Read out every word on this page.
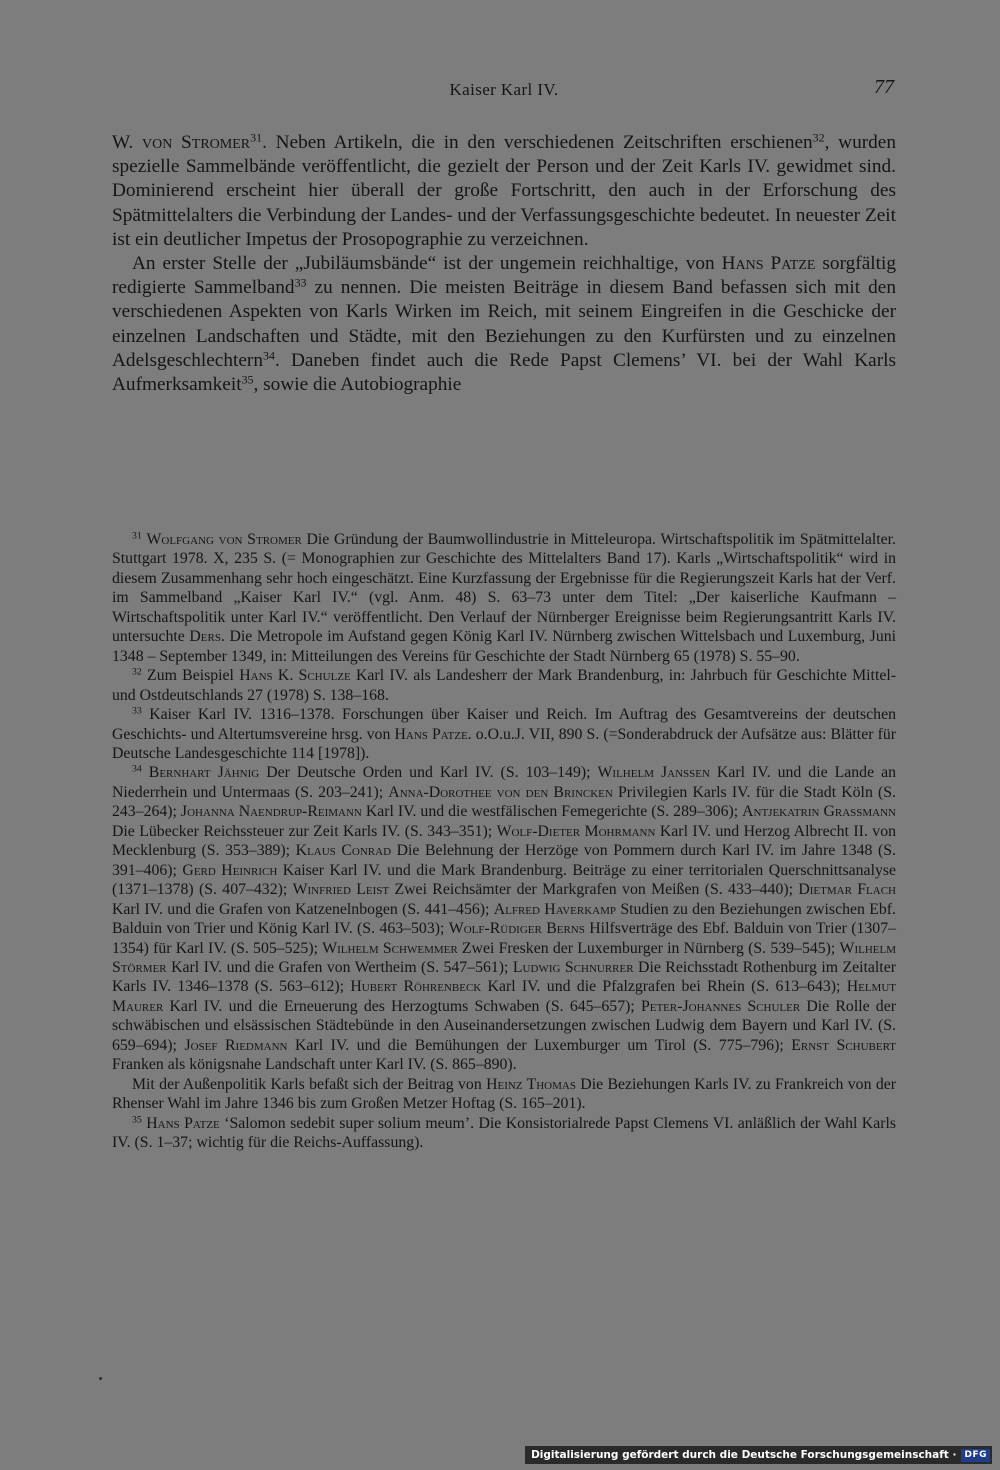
Kaiser Karl IV.	77

W. von Stromer$^{31}$. Neben Artikeln, die in den verschiedenen Zeitschriften erschienen$^{32}$, wurden spezielle Sammelbände veröffentlicht, die gezielt der Person und der Zeit Karls IV. gewidmet sind. Dominierend erscheint hier überall der große Fortschritt, den auch in der Erforschung des Spätmittelalters die Verbindung der Landes- und der Verfassungsgeschichte bedeutet. In neuester Zeit ist ein deutlicher Impetus der Prosopographie zu verzeichnen.

An erster Stelle der „Jubiläumsbände“ ist der ungemein reichhaltige, von Hans Patze sorgfältig redigierte Sammelband$^{33}$ zu nennen. Die meisten Beiträge in diesem Band befassen sich mit den verschiedenen Aspekten von Karls Wirken im Reich, mit seinem Eingreifen in die Geschicke der einzelnen Landschaften und Städte, mit den Beziehungen zu den Kurfürsten und zu einzelnen Adelsgeschlechtern$^{34}$. Daneben findet auch die Rede Papst Clemens’ VI. bei der Wahl Karls Aufmerksamkeit$^{35}$, sowie die Autobiographie

$^{31}$ Wolfgang von Stromer Die Gründung der Baumwollindustrie in Mitteleuropa. Wirtschaftspolitik im Spätmittelalter. Stuttgart 1978. X, 235 S. (= Monographien zur Geschichte des Mittelalters Band 17). Karls „Wirtschaftspolitik“ wird in diesem Zusammenhang sehr hoch eingeschätzt. Eine Kurzfassung der Ergebnisse für die Regierungszeit Karls hat der Verf. im Sammelband „Kaiser Karl IV.“ (vgl. Anm. 48) S. 63–73 unter dem Titel: „Der kaiserliche Kaufmann – Wirtschaftspolitik unter Karl IV.“ veröffentlicht. Den Verlauf der Nürnberger Ereignisse beim Regierungsantritt Karls IV. untersuchte Ders. Die Metropole im Aufstand gegen König Karl IV. Nürnberg zwischen Wittelsbach und Luxemburg, Juni 1348 – September 1349, in: Mitteilungen des Vereins für Geschichte der Stadt Nürnberg 65 (1978) S. 55–90.

$^{32}$ Zum Beispiel Hans K. Schulze Karl IV. als Landesherr der Mark Brandenburg, in: Jahrbuch für Geschichte Mittel- und Ostdeutschlands 27 (1978) S. 138–168.

$^{33}$ Kaiser Karl IV. 1316–1378. Forschungen über Kaiser und Reich. Im Auftrag des Gesamtvereins der deutschen Geschichts- und Altertumsvereine hrsg. von Hans Patze. o.O.u.J. VII, 890 S. (=Sonderabdruck der Aufsätze aus: Blätter für Deutsche Landesgeschichte 114 [1978]).

$^{34}$ Bernhart Jähnig Der Deutsche Orden und Karl IV. (S. 103–149); Wilhelm Janssen Karl IV. und die Lande an Niederrhein und Untermaas (S. 203–241); Anna-Dorothee von den Brincken Privilegien Karls IV. für die Stadt Köln (S. 243–264); Johanna Naendrup-Reimann Karl IV. und die westfälischen Femegerichte (S. 289–306); Antjekatrin Grassmann Die Lübecker Reichssteuer zur Zeit Karls IV. (S. 343–351); Wolf-Dieter Mohrmann Karl IV. und Herzog Albrecht II. von Mecklenburg (S. 353–389); Klaus Conrad Die Belehnung der Herzöge von Pommern durch Karl IV. im Jahre 1348 (S. 391–406); Gerd Heinrich Kaiser Karl IV. und die Mark Brandenburg. Beiträge zu einer territorialen Querschnittsanalyse (1371–1378) (S. 407–432); Winfried Leist Zwei Reichsämter der Markgrafen von Meißen (S. 433–440); Dietmar Flach Karl IV. und die Grafen von Katzenelnbogen (S. 441–456); Alfred Haverkamp Studien zu den Beziehungen zwischen Ebf. Balduin von Trier und König Karl IV. (S. 463–503); Wolf-Rüdiger Berns Hilfsverträge des Ebf. Balduin von Trier (1307–1354) für Karl IV. (S. 505–525); Wilhelm Schwemmer Zwei Fresken der Luxemburger in Nürnberg (S. 539–545); Wilhelm Störmer Karl IV. und die Grafen von Wertheim (S. 547–561); Ludwig Schnurrer Die Reichsstadt Rothenburg im Zeitalter Karls IV. 1346–1378 (S. 563–612); Hubert Röhrenbeck Karl IV. und die Pfalzgrafen bei Rhein (S. 613–643); Helmut Maurer Karl IV. und die Erneuerung des Herzogtums Schwaben (S. 645–657); Peter-Johannes Schuler Die Rolle der schwäbischen und elsässischen Städtebünde in den Auseinandersetzungen zwischen Ludwig dem Bayern und Karl IV. (S. 659–694); Josef Riedmann Karl IV. und die Bemühungen der Luxemburger um Tirol (S. 775–796); Ernst Schubert Franken als königsnahe Landschaft unter Karl IV. (S. 865–890).

Mit der Außenpolitik Karls befaßt sich der Beitrag von Heinz Thomas Die Beziehungen Karls IV. zu Frankreich von der Rhenser Wahl im Jahre 1346 bis zum Großen Metzer Hoftag (S. 165–201).

$^{35}$ Hans Patze ‘Salomon sedebit super solium meum’. Die Konsistorialrede Papst Clemens VI. anläßlich der Wahl Karls IV. (S. 1–37; wichtig für die Reichs-Auffassung).

Digitalisierung gefördert durch die Deutsche Forschungsgemeinschaft · DFG
